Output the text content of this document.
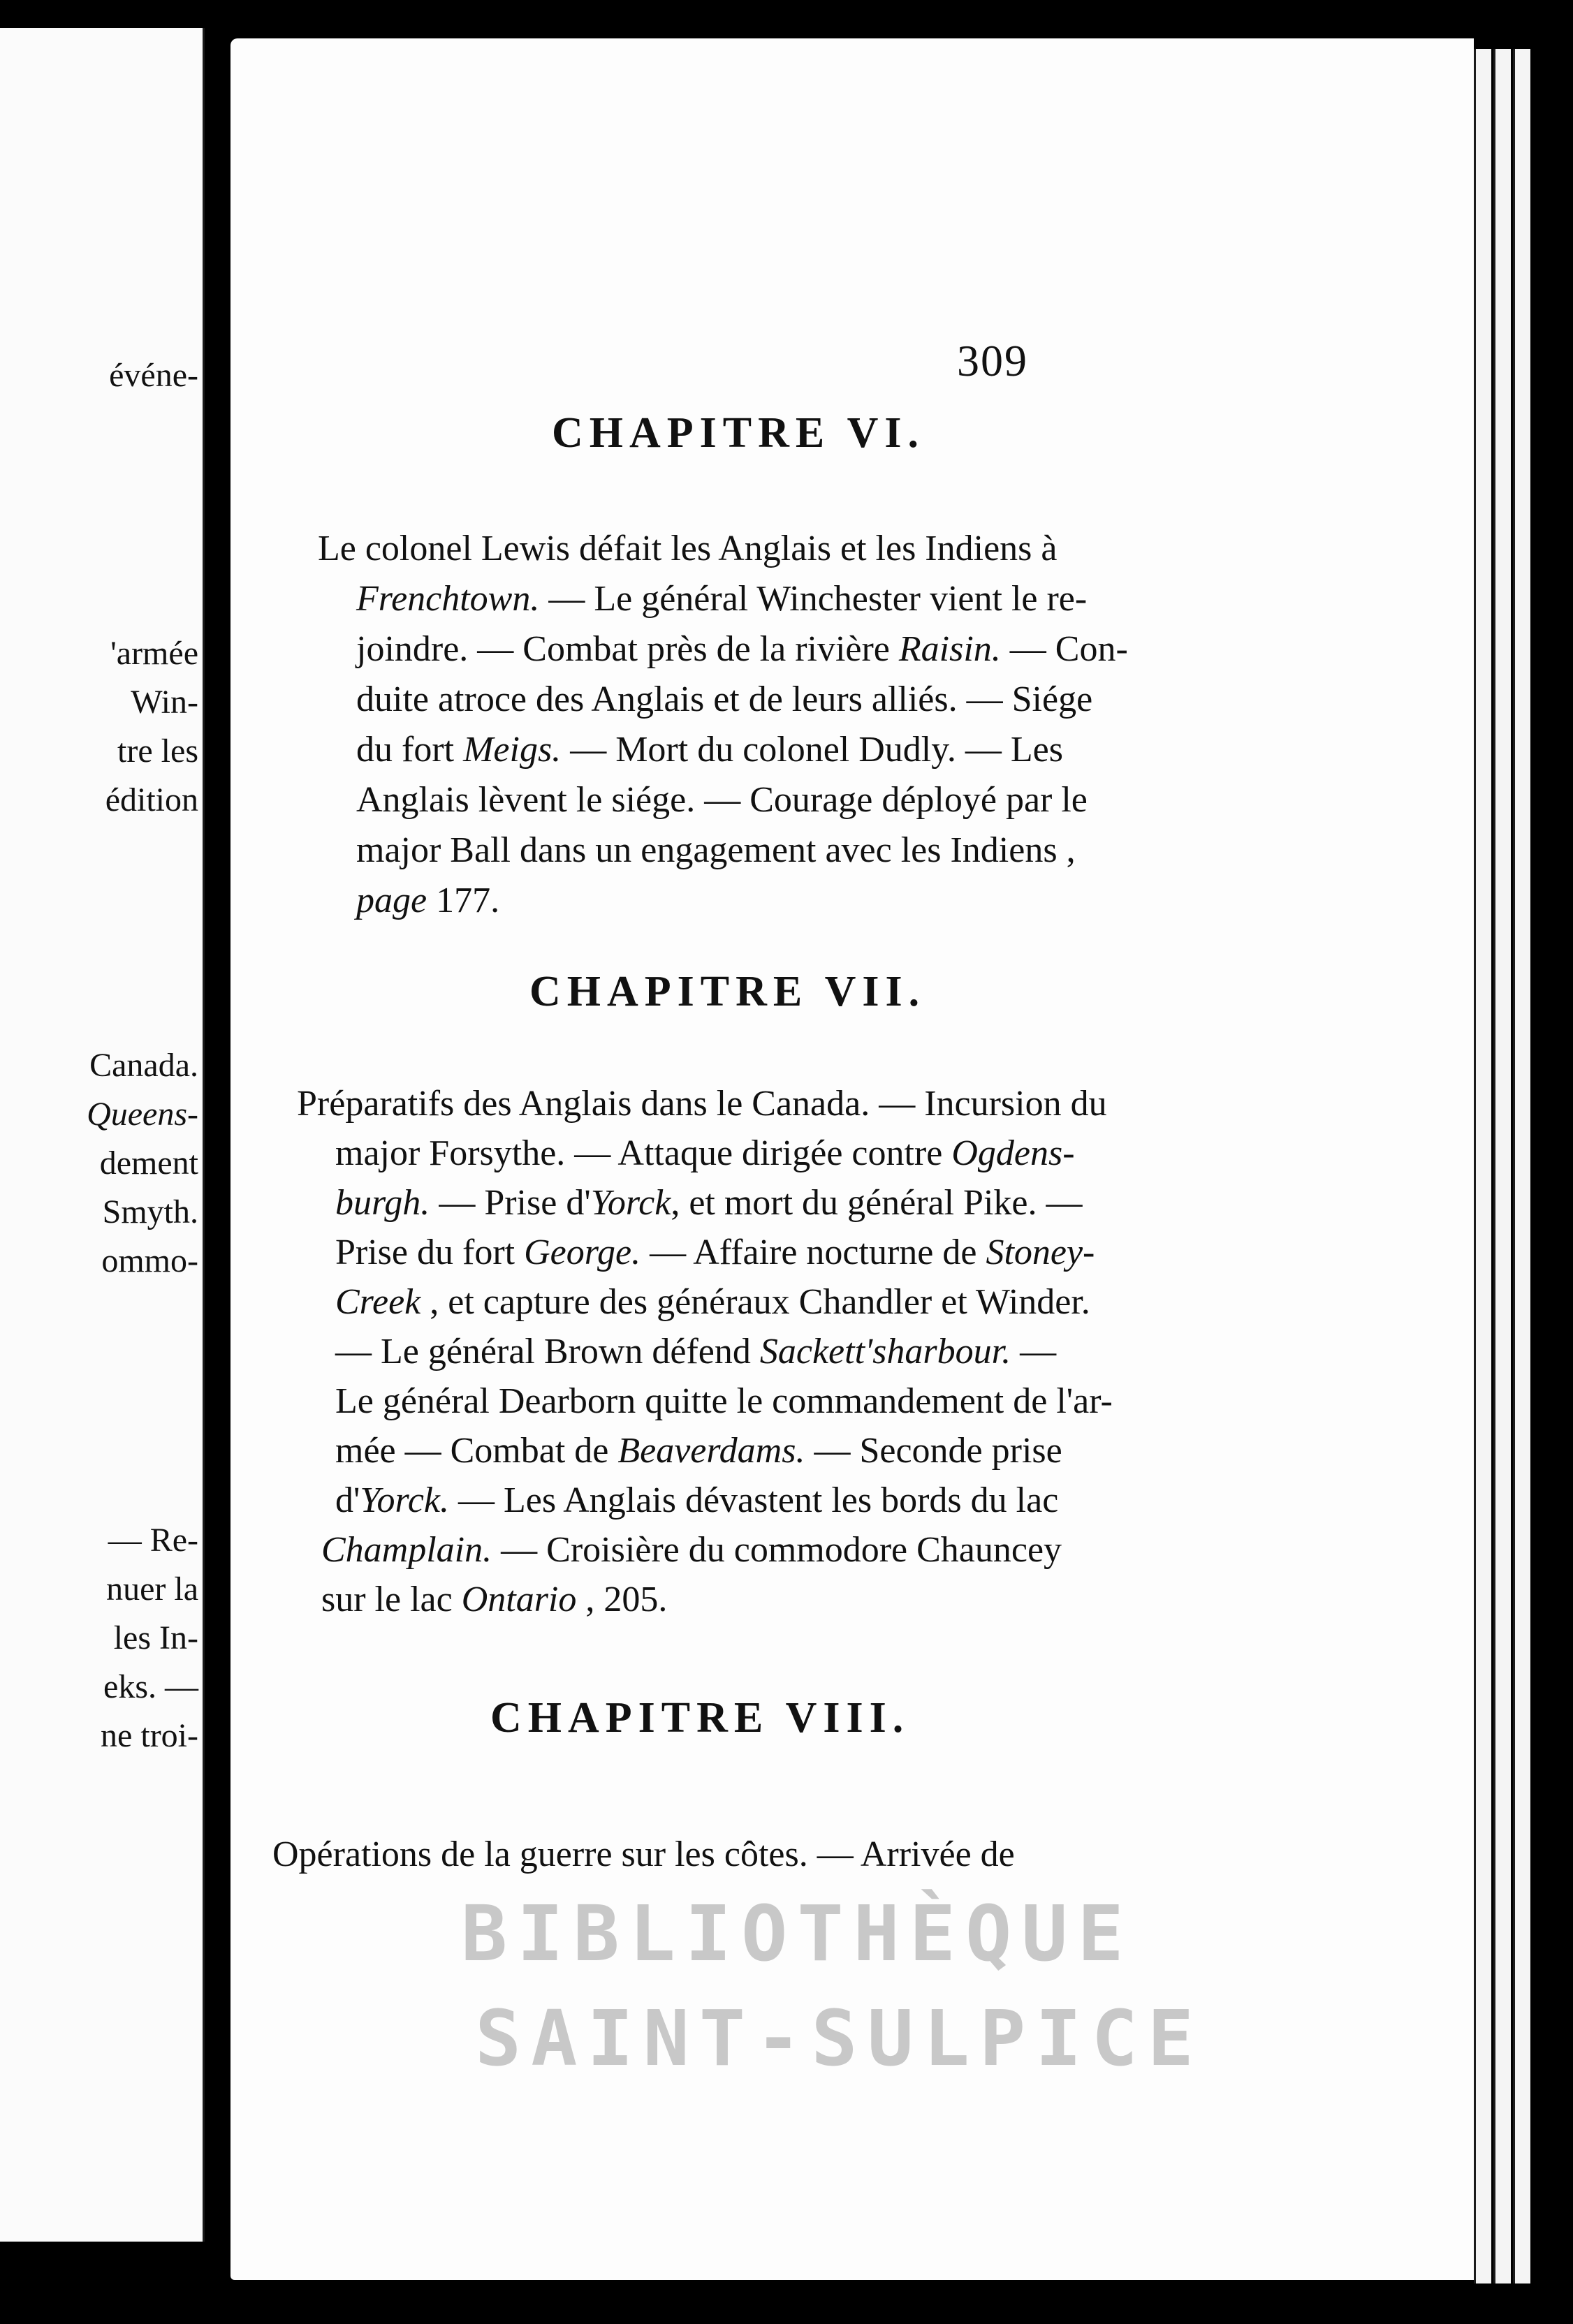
événe-
'armée
Win-
tre les
édition
Canada.
Queens-
dement
Smyth.
ommo-
— Re-
nuer la
les In-
eks. —
ne troi-
309
CHAPITRE VI.
Le colonel Lewis défait les Anglais et les Indiens à
Frenchtown. — Le général Winchester vient le re-
joindre. — Combat près de la rivière Raisin. — Con-
duite atroce des Anglais et de leurs alliés. — Siége
du fort Meigs. — Mort du colonel Dudly. — Les
Anglais lèvent le siége. — Courage déployé par le
major Ball dans un engagement avec les Indiens ,
page 177.
CHAPITRE VII.
Préparatifs des Anglais dans le Canada. — Incursion du
major Forsythe. — Attaque dirigée contre Ogdens-
burgh. — Prise d'Yorck, et mort du général Pike. —
Prise du fort George. — Affaire nocturne de Stoney-
Creek , et capture des généraux Chandler et Winder.
— Le général Brown défend Sackett'sharbour. —
Le général Dearborn quitte le commandement de l'ar-
mée — Combat de Beaverdams. — Seconde prise
d'Yorck. — Les Anglais dévastent les bords du lac
Champlain. — Croisière du commodore Chauncey
sur le lac Ontario , 205.
CHAPITRE VIII.
Opérations de la guerre sur les côtes. — Arrivée de
BIBLIOTHÈQUE
SAINT-SULPICE
